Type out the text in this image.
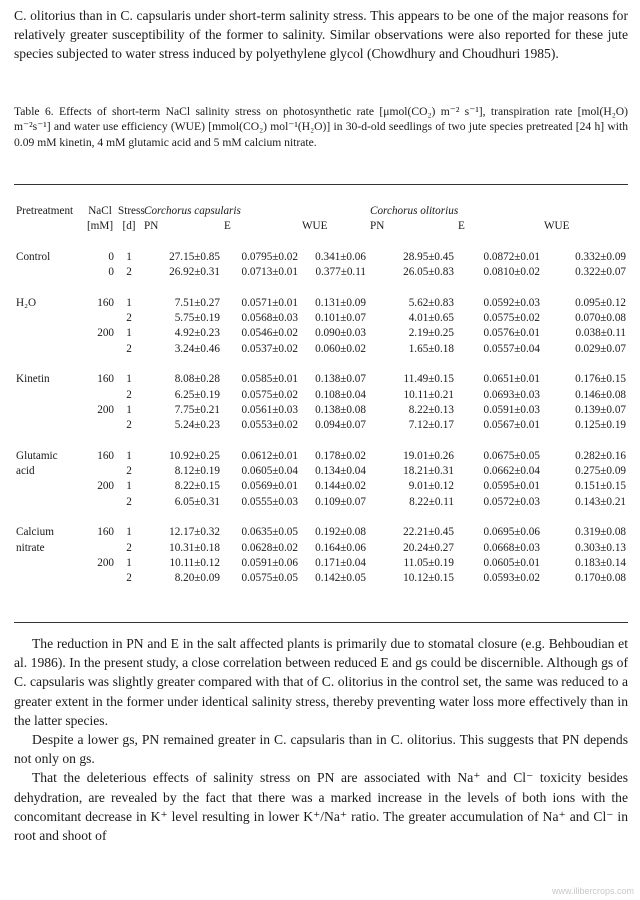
C. olitorius than in C. capsularis under short-term salinity stress. This appears to be one of the major reasons for relatively greater susceptibility of the former to salinity. Similar observations were also reported for these jute species subjected to water stress induced by polyethylene glycol (Chowdhury and Choudhuri 1985).

Table 6. Effects of short-term NaCl salinity stress on photosynthetic rate [μmol(CO₂) m⁻² s⁻¹], transpiration rate [mol(H₂O) m⁻²s⁻¹] and water use efficiency (WUE) [mmol(CO₂) mol⁻¹(H₂O)] in 30-d-old seedlings of two jute species pretreated [24 h] with 0.09 mM kinetin, 4 mM glutamic acid and 5 mM calcium nitrate.
Pretreatment	NaCl	Stress	Corchorus capsularis			Corchorus olitorius		
	[mM]	[d]	PN	E	WUE	PN	E	WUE

Control	0	1	27.15±0.85	0.0795±0.02	0.341±0.06	28.95±0.45	0.0872±0.01	0.332±0.09
	0	2	26.92±0.31	0.0713±0.01	0.377±0.11	26.05±0.83	0.0810±0.02	0.322±0.07

H₂O	160	1	7.51±0.27	0.0571±0.01	0.131±0.09	5.62±0.83	0.0592±0.03	0.095±0.12
		2	5.75±0.19	0.0568±0.03	0.101±0.07	4.01±0.65	0.0575±0.02	0.070±0.08
	200	1	4.92±0.23	0.0546±0.02	0.090±0.03	2.19±0.25	0.0576±0.01	0.038±0.11
		2	3.24±0.46	0.0537±0.02	0.060±0.02	1.65±0.18	0.0557±0.04	0.029±0.07

Kinetin	160	1	8.08±0.28	0.0585±0.01	0.138±0.07	11.49±0.15	0.0651±0.01	0.176±0.15
		2	6.25±0.19	0.0575±0.02	0.108±0.04	10.11±0.21	0.0693±0.03	0.146±0.08
	200	1	7.75±0.21	0.0561±0.03	0.138±0.08	8.22±0.13	0.0591±0.03	0.139±0.07
		2	5.24±0.23	0.0553±0.02	0.094±0.07	7.12±0.17	0.0567±0.01	0.125±0.19

Glutamic	160	1	10.92±0.25	0.0612±0.01	0.178±0.02	19.01±0.26	0.0675±0.05	0.282±0.16
acid		2	8.12±0.19	0.0605±0.04	0.134±0.04	18.21±0.31	0.0662±0.04	0.275±0.09
	200	1	8.22±0.15	0.0569±0.01	0.144±0.02	9.01±0.12	0.0595±0.01	0.151±0.15
		2	6.05±0.31	0.0555±0.03	0.109±0.07	8.22±0.11	0.0572±0.03	0.143±0.21

Calcium	160	1	12.17±0.32	0.0635±0.05	0.192±0.08	22.21±0.45	0.0695±0.06	0.319±0.08
nitrate		2	10.31±0.18	0.0628±0.02	0.164±0.06	20.24±0.27	0.0668±0.03	0.303±0.13
	200	1	10.11±0.12	0.0591±0.06	0.171±0.04	11.05±0.19	0.0605±0.01	0.183±0.14
		2	8.20±0.09	0.0575±0.05	0.142±0.05	10.12±0.15	0.0593±0.02	0.170±0.08

The reduction in PN and E in the salt affected plants is primarily due to stomatal closure (e.g. Behboudian et al. 1986). In the present study, a close correlation between reduced E and gs could be discernible. Although gs of C. capsularis was slightly greater compared with that of C. olitorius in the control set, the same was reduced to a greater extent in the former under identical salinity stress, thereby preventing water loss more effectively than in the latter species.

Despite a lower gs, PN remained greater in C. capsularis than in C. olitorius. This suggests that PN depends not only on gs.

That the deleterious effects of salinity stress on PN are associated with Na⁺ and Cl⁻ toxicity besides dehydration, are revealed by the fact that there was a marked increase in the levels of both ions with the concomitant decrease in K⁺ level resulting in lower K⁺/Na⁺ ratio. The greater accumulation of Na⁺ and Cl⁻ in root and shoot of

www.ilibercrops.com
